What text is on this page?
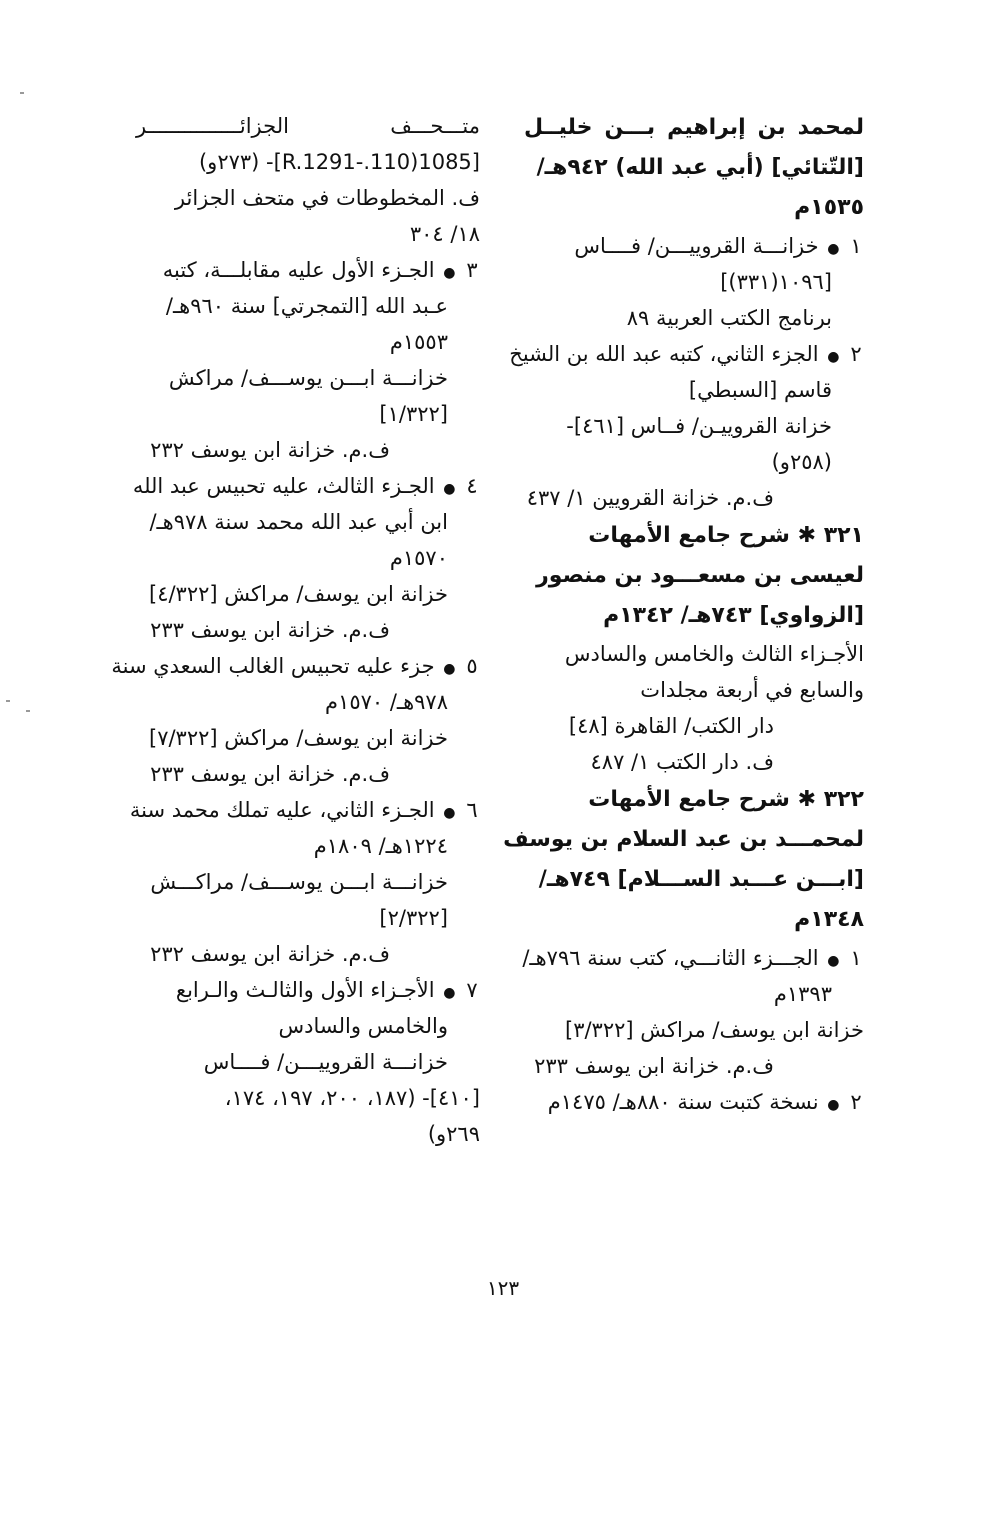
لمحمد بن إبراهيم بـــن خليــل
[التّتائي] (أبي عبد الله) ٩٤٢هـ/
١٥٣٥م
١ ● خزانـــة القروييـــن/ فــــاس
[١٠٩٦(٣٣١)]
برنامج الكتب العربية ٨٩
٢ ● الجزء الثاني، كتبه عبد الله بن الشيخ
قاسم [السبطي]
خزانة القروييـن/ فــاس [٤٦١]-
(٢٥٨و)
ف.م. خزانة القرويين ١/ ٤٣٧
٣٢١ ✱ شرح جامع الأمهات
لعيسى بن مسعـــود بن منصور
[الزواوي] ٧٤٣هـ/ ١٣٤٢م
الأجـزاء الثالث والخامس والسادس
والسابع في أربعة مجلدات
دار الكتب/ القاهرة [٤٨]
ف. دار الكتب ١/ ٤٨٧
٣٢٢ ✱ شرح جامع الأمهات
لمحمـــد بن عبد السلام بن يوسف
[ابـــن عـــبد الســـلام] ٧٤٩هـ/
١٣٤٨م
١ ● الجـــزء الثانـــي، كتب سنة ٧٩٦هـ/
١٣٩٣م
خزانة ابن يوسف/ مراكش [٣/٣٢٢]
ف.م. خزانة ابن يوسف ٢٣٣
٢ ● نسخة كتبت سنة ٨٨٠هـ/ ١٤٧٥م
متـــحـــف الجزائـــــــــــــــر
[1085(110.-R.1291]- (٢٧٣و)
ف. المخطوطات في متحف الجزائر
١٨/ ٣٠٤
٣ ● الجـزء الأول عليه مقابلـــة، كتبه
عـبد الله [التمجرتي] سنة ٩٦٠هـ/
١٥٥٣م
خزانـــة ابـــن يوســـف/ مراكش
[١/٣٢٢]
ف.م. خزانة ابن يوسف ٢٣٢
٤ ● الجـزء الثالث، عليه تحبيس عبد الله
ابن أبي عبد الله محمد سنة ٩٧٨هـ/
١٥٧٠م
خزانة ابن يوسف/ مراكش [٤/٣٢٢]
ف.م. خزانة ابن يوسف ٢٣٣
٥ ● جزء عليه تحبيس الغالب السعدي سنة
٩٧٨هـ/ ١٥٧٠م
خزانة ابن يوسف/ مراكش [٧/٣٢٢]
ف.م. خزانة ابن يوسف ٢٣٣
٦ ● الجـزء الثاني، عليه تملك محمد سنة
١٢٢٤هـ/ ١٨٠٩م
خزانـــة ابـــن يوســـف/ مراكـــش
[٢/٣٢٢]
ف.م. خزانة ابن يوسف ٢٣٢
٧ ● الأجـزاء الأول والثالـث والـرابع
والخامس والسادس
خزانـــة القروييـــن/ فــــاس
[٤١٠]- (١٨٧، ٢٠٠، ١٩٧، ١٧٤،
٢٦٩و)
١٢٣
